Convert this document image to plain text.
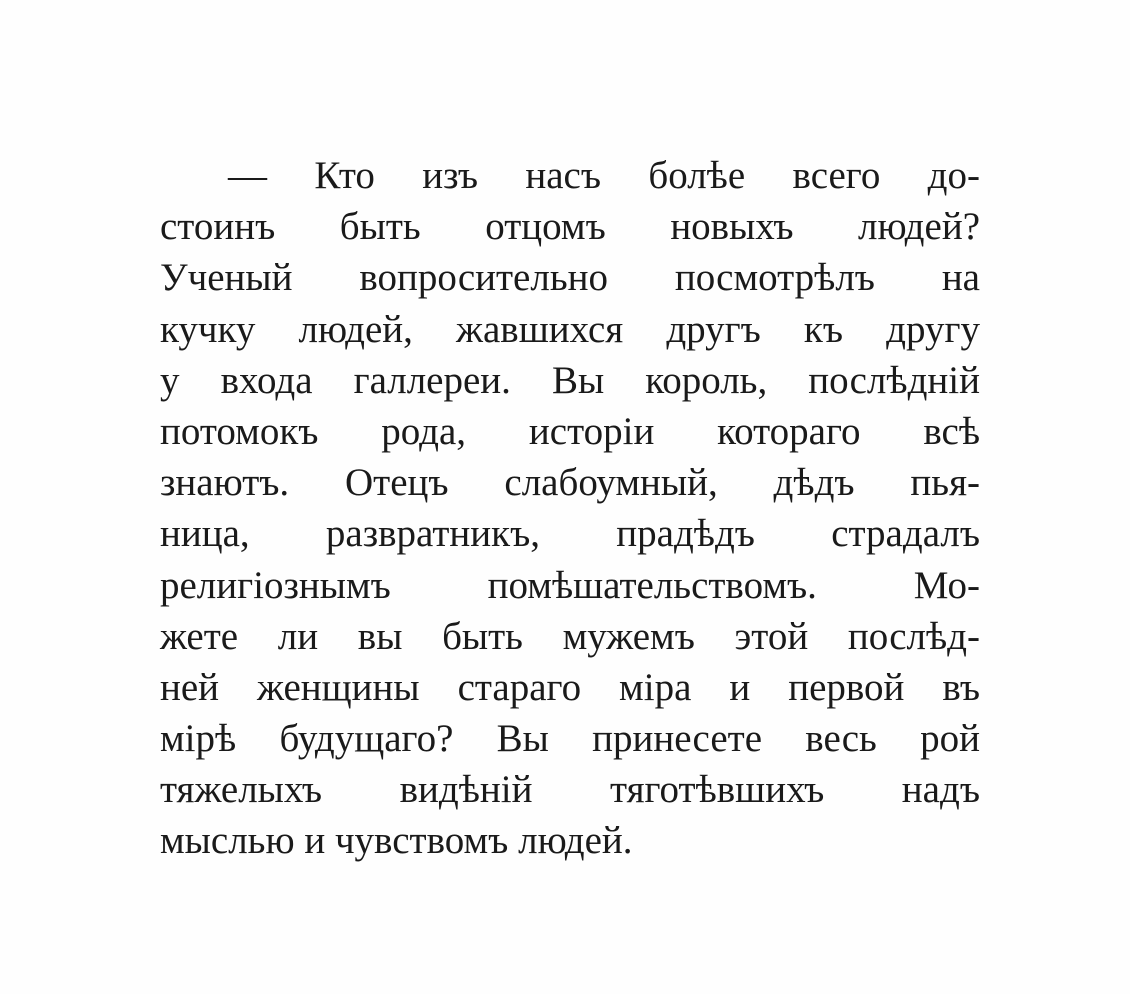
— Кто изъ насъ болѣе всего до-
стоинъ быть отцомъ новыхъ людей?
Ученый вопросительно посмотрѣлъ на
кучку людей, жавшихся другъ къ другу
у входа галлереи. Вы король, послѣднiй
потомокъ рода, исторiи котораго всѣ
знаютъ. Отецъ слабоумный, дѣдъ пья-
ница, развратникъ, прадѣдъ страдалъ
религiознымъ помѣшательствомъ. Мо-
жете ли вы быть мужемъ этой послѣд-
ней женщины стараго мiра и первой въ
мiрѣ будущаго? Вы принесете весь рой
тяжелыхъ видѣнiй тяготѣвшихъ надъ
мыслью и чувствомъ людей.
